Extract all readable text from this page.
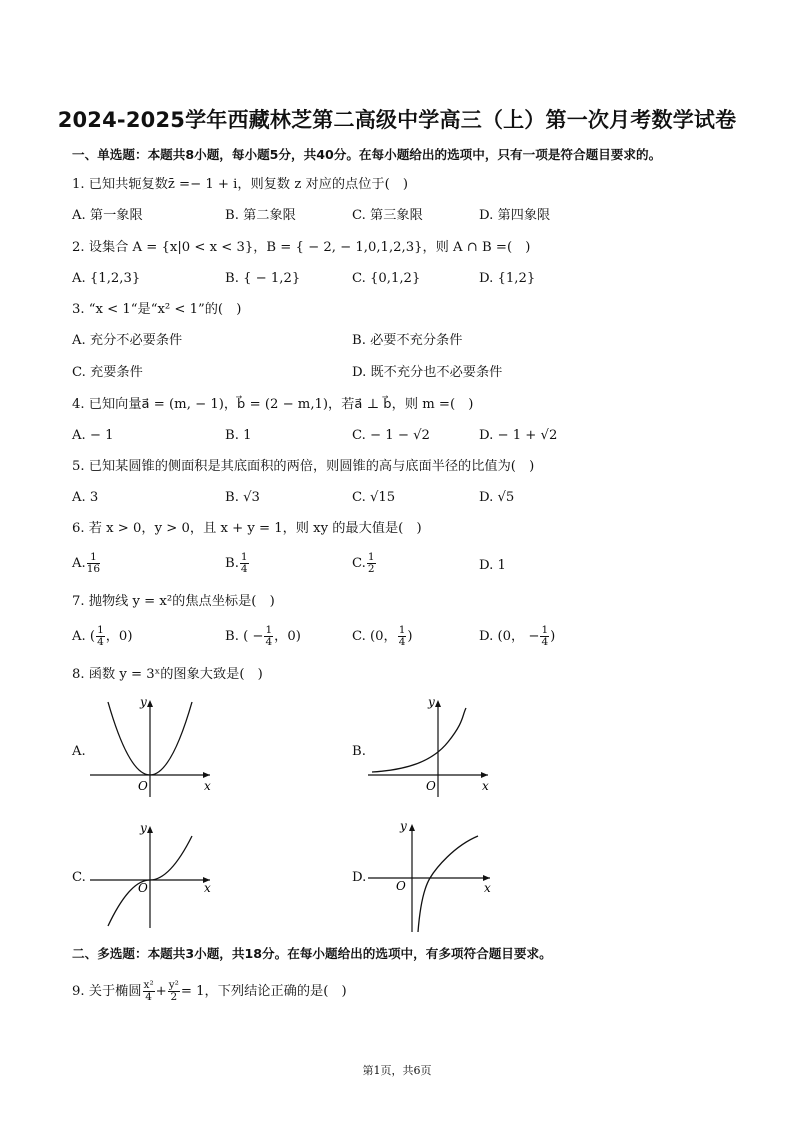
2024-2025学年西藏林芝第二高级中学高三（上）第一次月考数学试卷
一、单选题：本题共8小题，每小题5分，共40分。在每小题给出的选项中，只有一项是符合题目要求的。
1. 已知共轭复数z̄ =− 1 + i，则复数 z 对应的点位于(　)
A. 第一象限	B. 第二象限	C. 第三象限	D. 第四象限
2. 设集合 A = {x|0 < x < 3}，B = { − 2, − 1,0,1,2,3}，则 A ∩ B =(　)
A. {1,2,3}	B. { − 1,2}	C. {0,1,2}	D. {1,2}
3. “x < 1“是“x² < 1”的(　)
A. 充分不必要条件	B. 必要不充分条件
C. 充要条件	D. 既不充分也不必要条件
4. 已知向量a⃗ = (m, − 1)，b⃗ = (2 − m,1)，若a⃗ ⊥ b⃗，则 m =(　)
A. − 1	B. 1	C. − 1 − √2	D. − 1 + √2
5. 已知某圆锥的侧面积是其底面积的两倍，则圆锥的高与底面半径的比值为(　)
A. 3	B. √3	C. √15	D. √5
6. 若 x > 0，y > 0，且 x + y = 1，则 xy 的最大值是(　)
A. $\frac{1}{16}$	B. $\frac{1}{4}$	C. $\frac{1}{2}$	D. 1
7. 抛物线 y = x²的焦点坐标是(　)
A. ( $\frac{1}{4}$ ，0)	B. ( − $\frac{1}{4}$ ，0)	C. (0， $\frac{1}{4}$ )	D. (0， − $\frac{1}{4}$ )
8. 函数 y = 3ˣ的图象大致是(　)
A.
y
x
O
B.
y
x
O
C.
y
x
O
D.
y
x
O
二、多选题：本题共3小题，共18分。在每小题给出的选项中，有多项符合题目要求。
9. 关于椭圆 $\frac{\text{x²}}{4} + \frac{\text{y²}}{2} = 1$，下列结论正确的是(　)
第1页，共6页
